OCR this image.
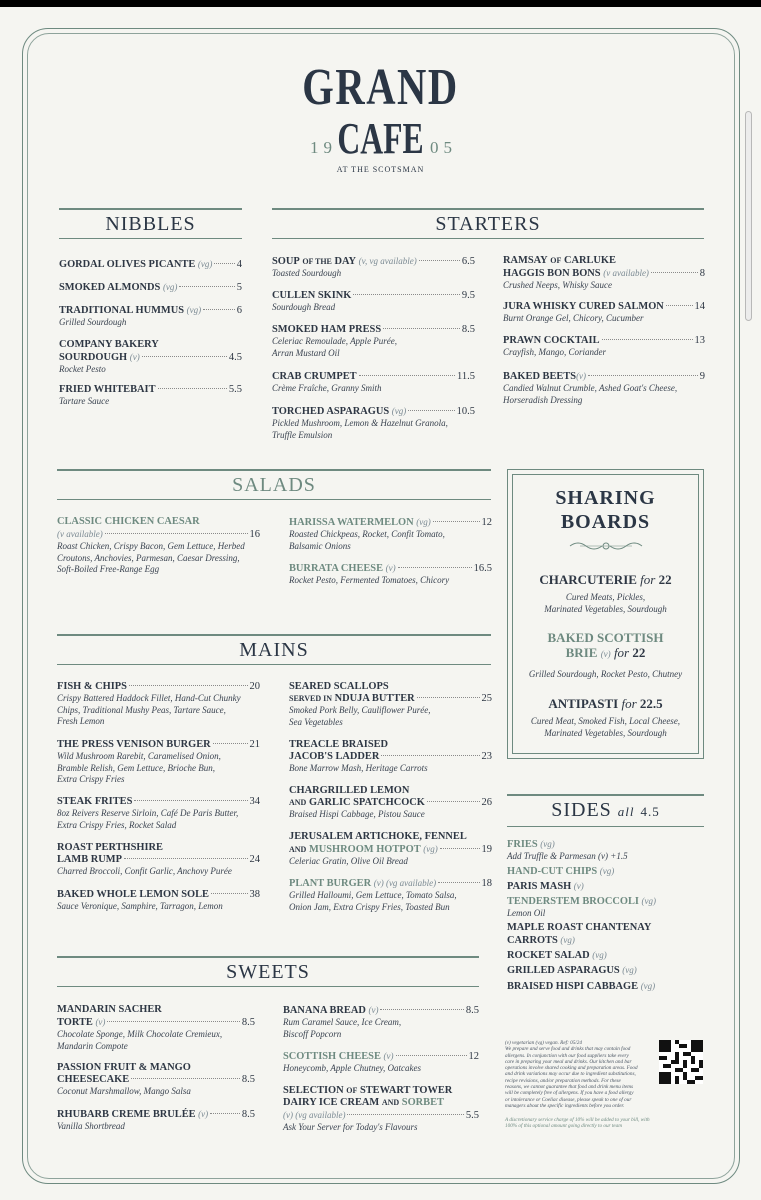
GRAND
CAFE
19	05
AT THE SCOTSMAN
NIBBLES
GORDAL OLIVES PICANTE
(vg) 4
SMOKED ALMONDS
(vg)	5
TRADITIONAL HUMMUS
(vg)	6
Grilled Sourdough
COMPANY BAKERY
SOURDOUGH
(v)	4.5
Rocket Pesto
FRIED WHITEBAIT	5.5
Tartare Sauce
STARTERS
SOUP
OF THE
DAY
(v, vg available)	6.5
Toasted Sourdough
CULLEN SKINK	9.5
Sourdough Bread
SMOKED HAM PRESS	8.5
Celeriac Remoulade, Apple Purée,
Arran Mustard Oil
CRAB CRUMPET	11.5
Crème Fraîche, Granny Smith
TORCHED ASPARAGUS
(vg)	10.5
Pickled Mushroom, Lemon & Hazelnut Granola,
Truffle Emulsion
RAMSAY OF CARLUKE
HAGGIS BON BONS
(v available)	8
Crushed Neeps, Whisky Sauce
JURA WHISKY CURED SALMON	14
Burnt Orange Gel, Chicory, Cucumber
PRAWN COCKTAIL	13
Crayfish, Mango, Coriander
BAKED BEETS (v)	9
Candied Walnut Crumble, Ashed Goat's Cheese,
Horseradish Dressing
SALADS
CLASSIC CHICKEN CAESAR
(v available)	16
Roast Chicken, Crispy Bacon, Gem Lettuce, Herbed
Croutons, Anchovies, Parmesan, Caesar Dressing,
Soft-Boiled Free-Range Egg
HARISSA WATERMELON
(vg)	12
Roasted Chickpeas, Rocket, Confit Tomato,
Balsamic Onions
BURRATA CHEESE
(v)	16.5
Rocket Pesto, Fermented Tomatoes, Chicory
SHARING
BOARDS
CHARCUTERIE for 22
Cured Meats, Pickles,
Marinated Vegetables, Sourdough
BAKED SCOTTISH
BRIE (v) for 22
Grilled Sourdough, Rocket Pesto, Chutney
ANTIPASTI for 22.5
Cured Meat, Smoked Fish, Local Cheese,
Marinated Vegetables, Sourdough
MAINS
FISH & CHIPS	20
Crispy Battered Haddock Fillet, Hand-Cut Chunky
Chips, Traditional Mushy Peas, Tartare Sauce,
Fresh Lemon
THE PRESS VENISON BURGER	21
Wild Mushroom Rarebit, Caramelised Onion,
Bramble Relish, Gem Lettuce, Brioche Bun,
Extra Crispy Fries
STEAK FRITES	34
8oz Reivers Reserve Sirloin, Café De Paris Butter,
Extra Crispy Fries, Rocket Salad
ROAST PERTHSHIRE
LAMB RUMP	24
Charred Broccoli, Confit Garlic, Anchovy Purée
BAKED WHOLE LEMON SOLE	38
Sauce Veronique, Samphire, Tarragon, Lemon
SEARED SCALLOPS
SERVED IN
NDUJA BUTTER	25
Smoked Pork Belly, Cauliflower Purée,
Sea Vegetables
TREACLE BRAISED
JACOB'S LADDER	23
Bone Marrow Mash, Heritage Carrots
CHARGRILLED LEMON
AND
GARLIC SPATCHCOCK	26
Braised Hispi Cabbage, Pistou Sauce
JERUSALEM ARTICHOKE, FENNEL
AND
MUSHROOM HOTPOT
(vg)	19
Celeriac Gratin, Olive Oil Bread
PLANT BURGER
(v) (vg available)	18
Grilled Halloumi, Gem Lettuce, Tomato Salsa,
Onion Jam, Extra Crispy Fries, Toasted Bun
SIDES all 4.5
FRIES (vg)
Add Truffle & Parmesan (v) +1.5
HAND-CUT CHIPS (vg)
PARIS MASH (v)
TENDERSTEM BROCCOLI (vg)
Lemon Oil
MAPLE ROAST CHANTENAY
CARROTS (vg)
ROCKET SALAD (vg)
GRILLED ASPARAGUS (vg)
BRAISED HISPI CABBAGE (vg)
SWEETS
MANDARIN SACHER
TORTE
(v)	8.5
Chocolate Sponge, Milk Chocolate Cremieux,
Mandarin Compote
PASSION FRUIT & MANGO
CHEESECAKE	8.5
Coconut Marshmallow, Mango Salsa
RHUBARB CREME BRULÉE
(v)	8.5
Vanilla Shortbread
BANANA BREAD
(v)	8.5
Rum Caramel Sauce, Ice Cream,
Biscoff Popcorn
SCOTTISH CHEESE
(v)	12
Honeycomb, Apple Chutney, Oatcakes
SELECTION OF STEWART TOWER
DAIRY ICE CREAM AND SORBET
(v) (vg available)	5.5
Ask Your Server for Today's Flavours
(v) vegetarian (vg) vegan. Ref: 05/24
We prepare and serve food and drinks that may contain food
allergens. In conjunction with our food suppliers take every
care in preparing your meal and drinks. Our kitchen and bar
operations involve shared cooking and preparation areas. Food
and drink variations may occur due to ingredient substitutions,
recipe revisions, and/or preparation methods. For these
reasons, we cannot guarantee that food and drink menu items
will be completely free of allergens. If you have a food allergy
or intolerance or Coeliac disease, please speak to one of our
managers about the specific ingredients before you order.
A discretionary service charge of 10% will be added to your bill, with
100% of this optional amount going directly to our team
